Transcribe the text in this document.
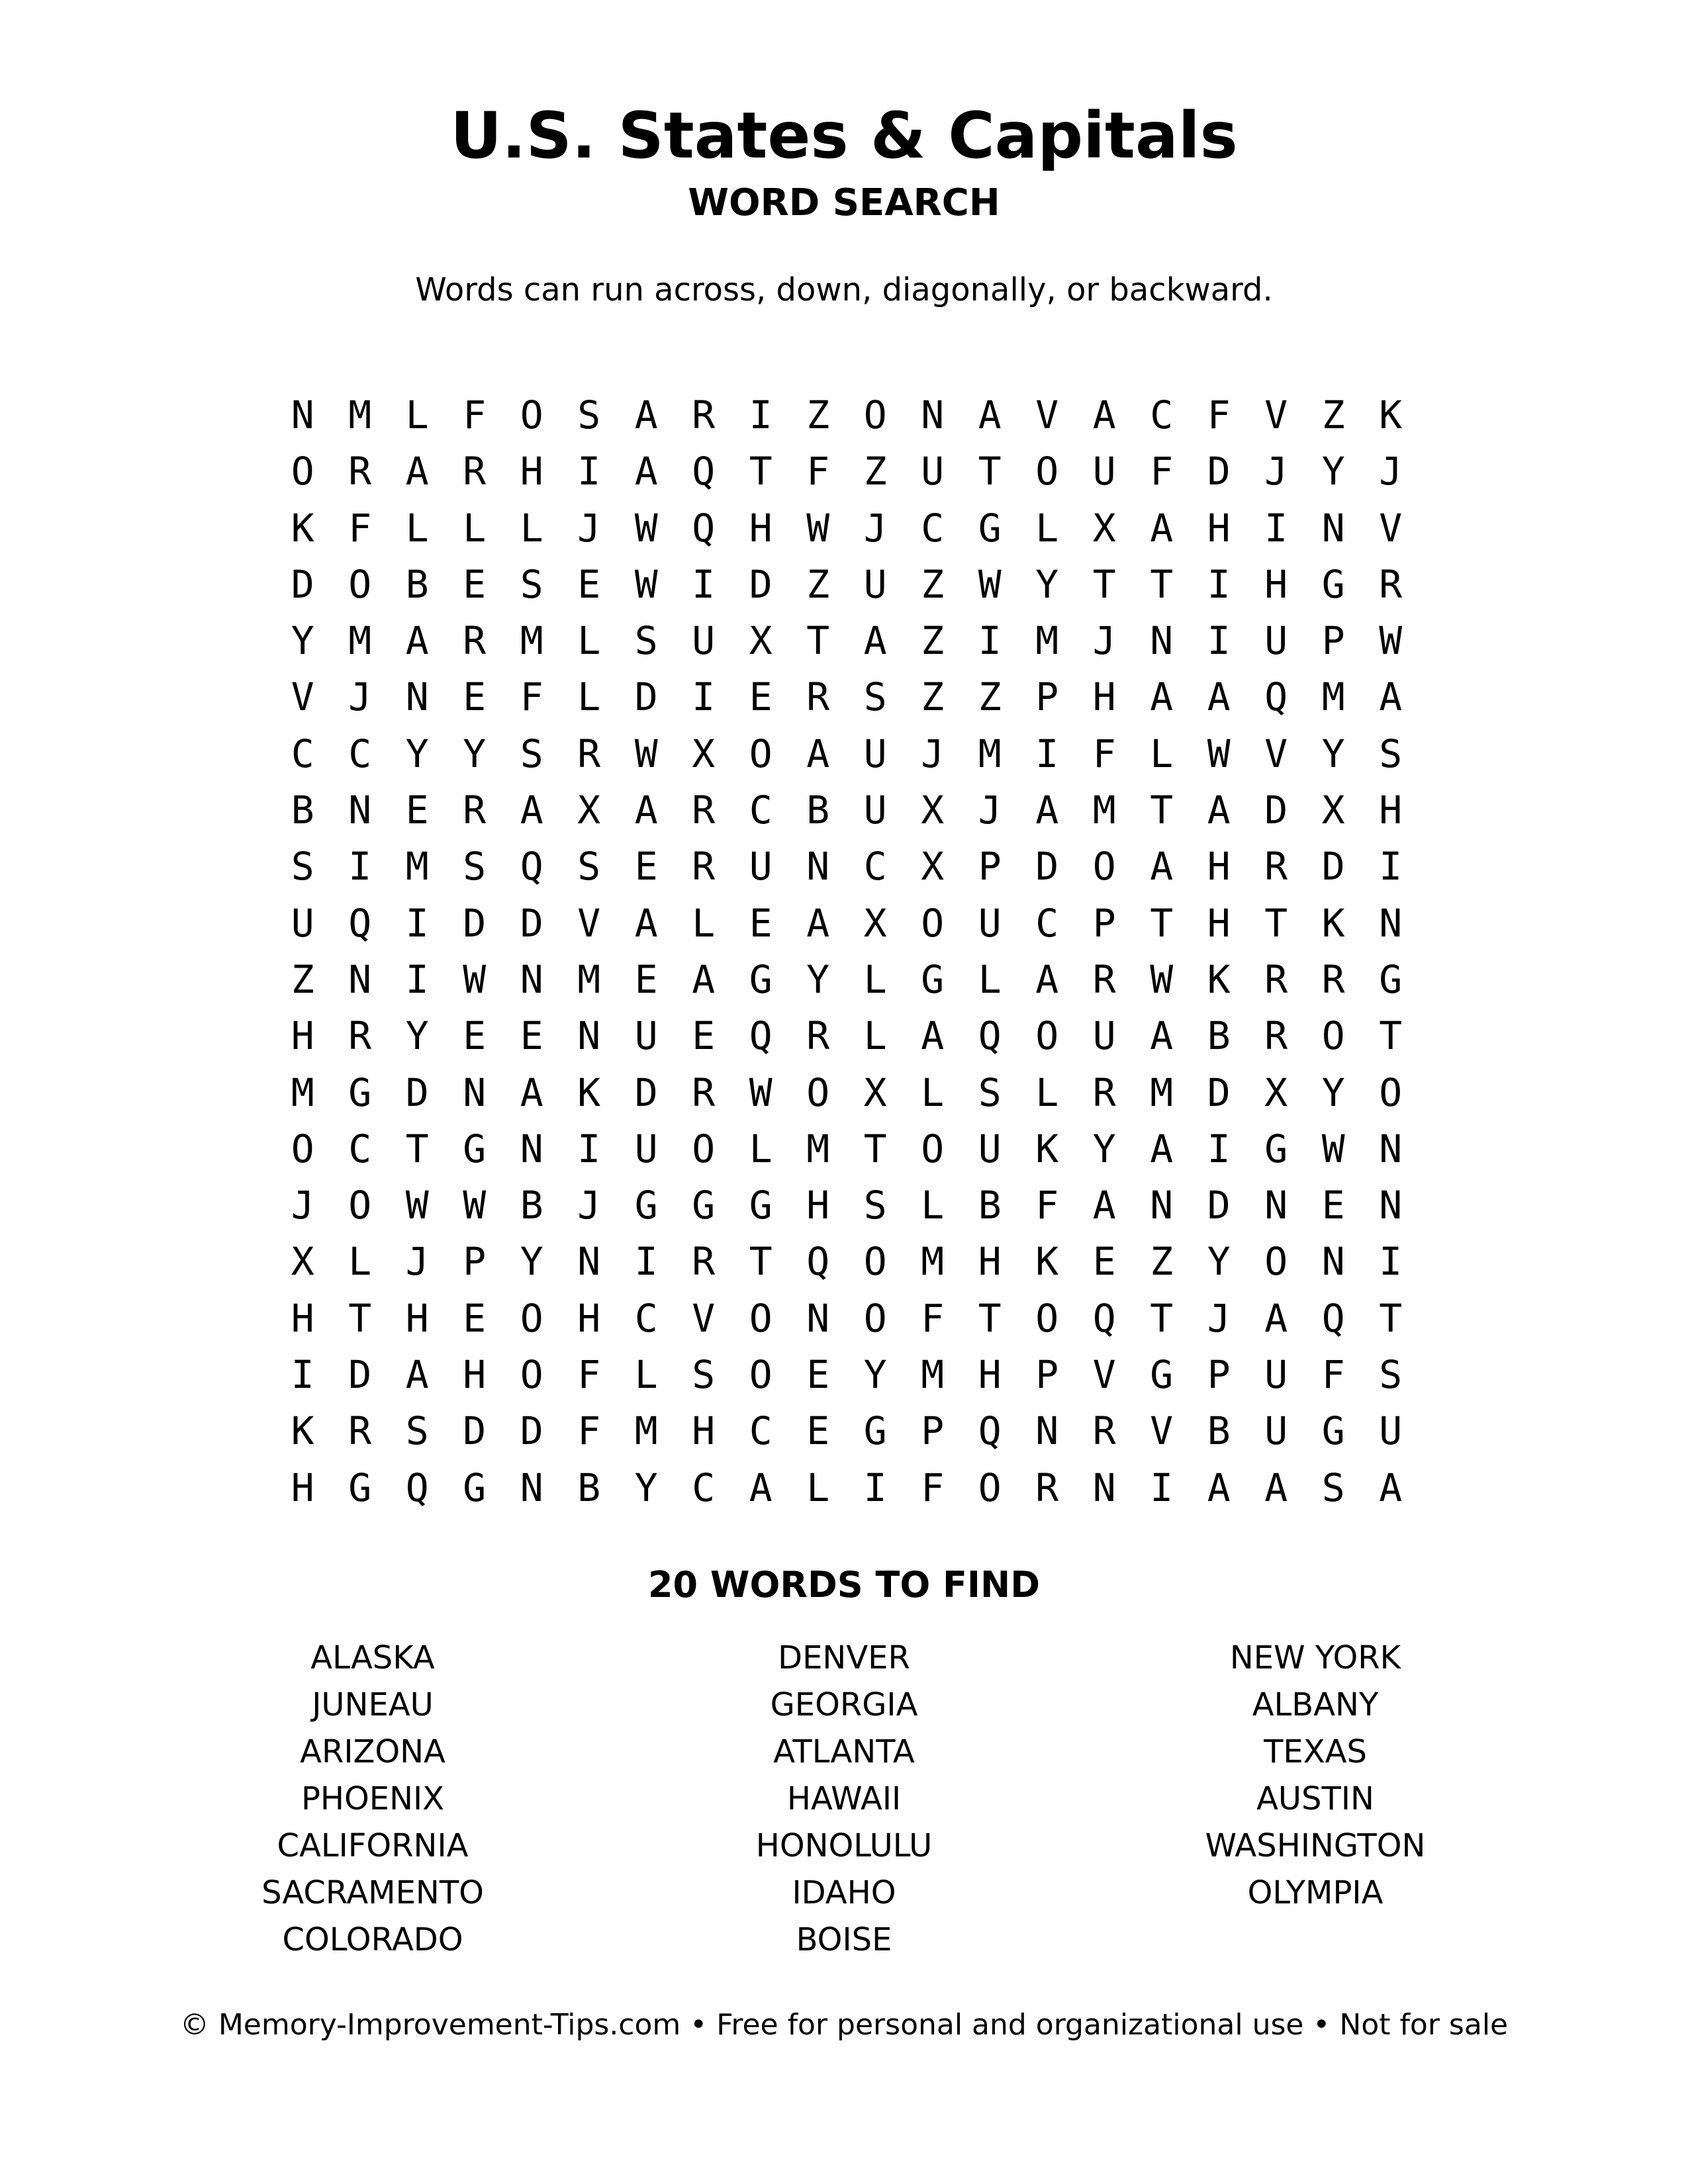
U.S. States & Capitals
WORD SEARCH
Words can run across, down, diagonally, or backward.
N M L F O S A R I Z O N A V A C F V Z K
O R A R H I A Q T F Z U T O U F D J Y J
K F L L L J W Q H W J C G L X A H I N V
D O B E S E W I D Z U Z W Y T T I H G R
Y M A R M L S U X T A Z I M J N I U P W
V J N E F L D I E R S Z Z P H A A Q M A
C C Y Y S R W X O A U J M I F L W V Y S
B N E R A X A R C B U X J A M T A D X H
S I M S Q S E R U N C X P D O A H R D I
U Q I D D V A L E A X O U C P T H T K N
Z N I W N M E A G Y L G L A R W K R R G
H R Y E E N U E Q R L A Q O U A B R O T
M G D N A K D R W O X L S L R M D X Y O
O C T G N I U O L M T O U K Y A I G W N
J O W W B J G G G H S L B F A N D N E N
X L J P Y N I R T Q O M H K E Z Y O N I
H T H E O H C V O N O F T O Q T J A Q T
I D A H O F L S O E Y M H P V G P U F S
K R S D D F M H C E G P Q N R V B U G U
H G Q G N B Y C A L I F O R N I A A S A
20 WORDS TO FIND
ALASKA
JUNEAU
ARIZONA
PHOENIX
CALIFORNIA
SACRAMENTO
COLORADO
DENVER
GEORGIA
ATLANTA
HAWAII
HONOLULU
IDAHO
BOISE
NEW YORK
ALBANY
TEXAS
AUSTIN
WASHINGTON
OLYMPIA
© Memory-Improvement-Tips.com • Free for personal and organizational use • Not for sale
